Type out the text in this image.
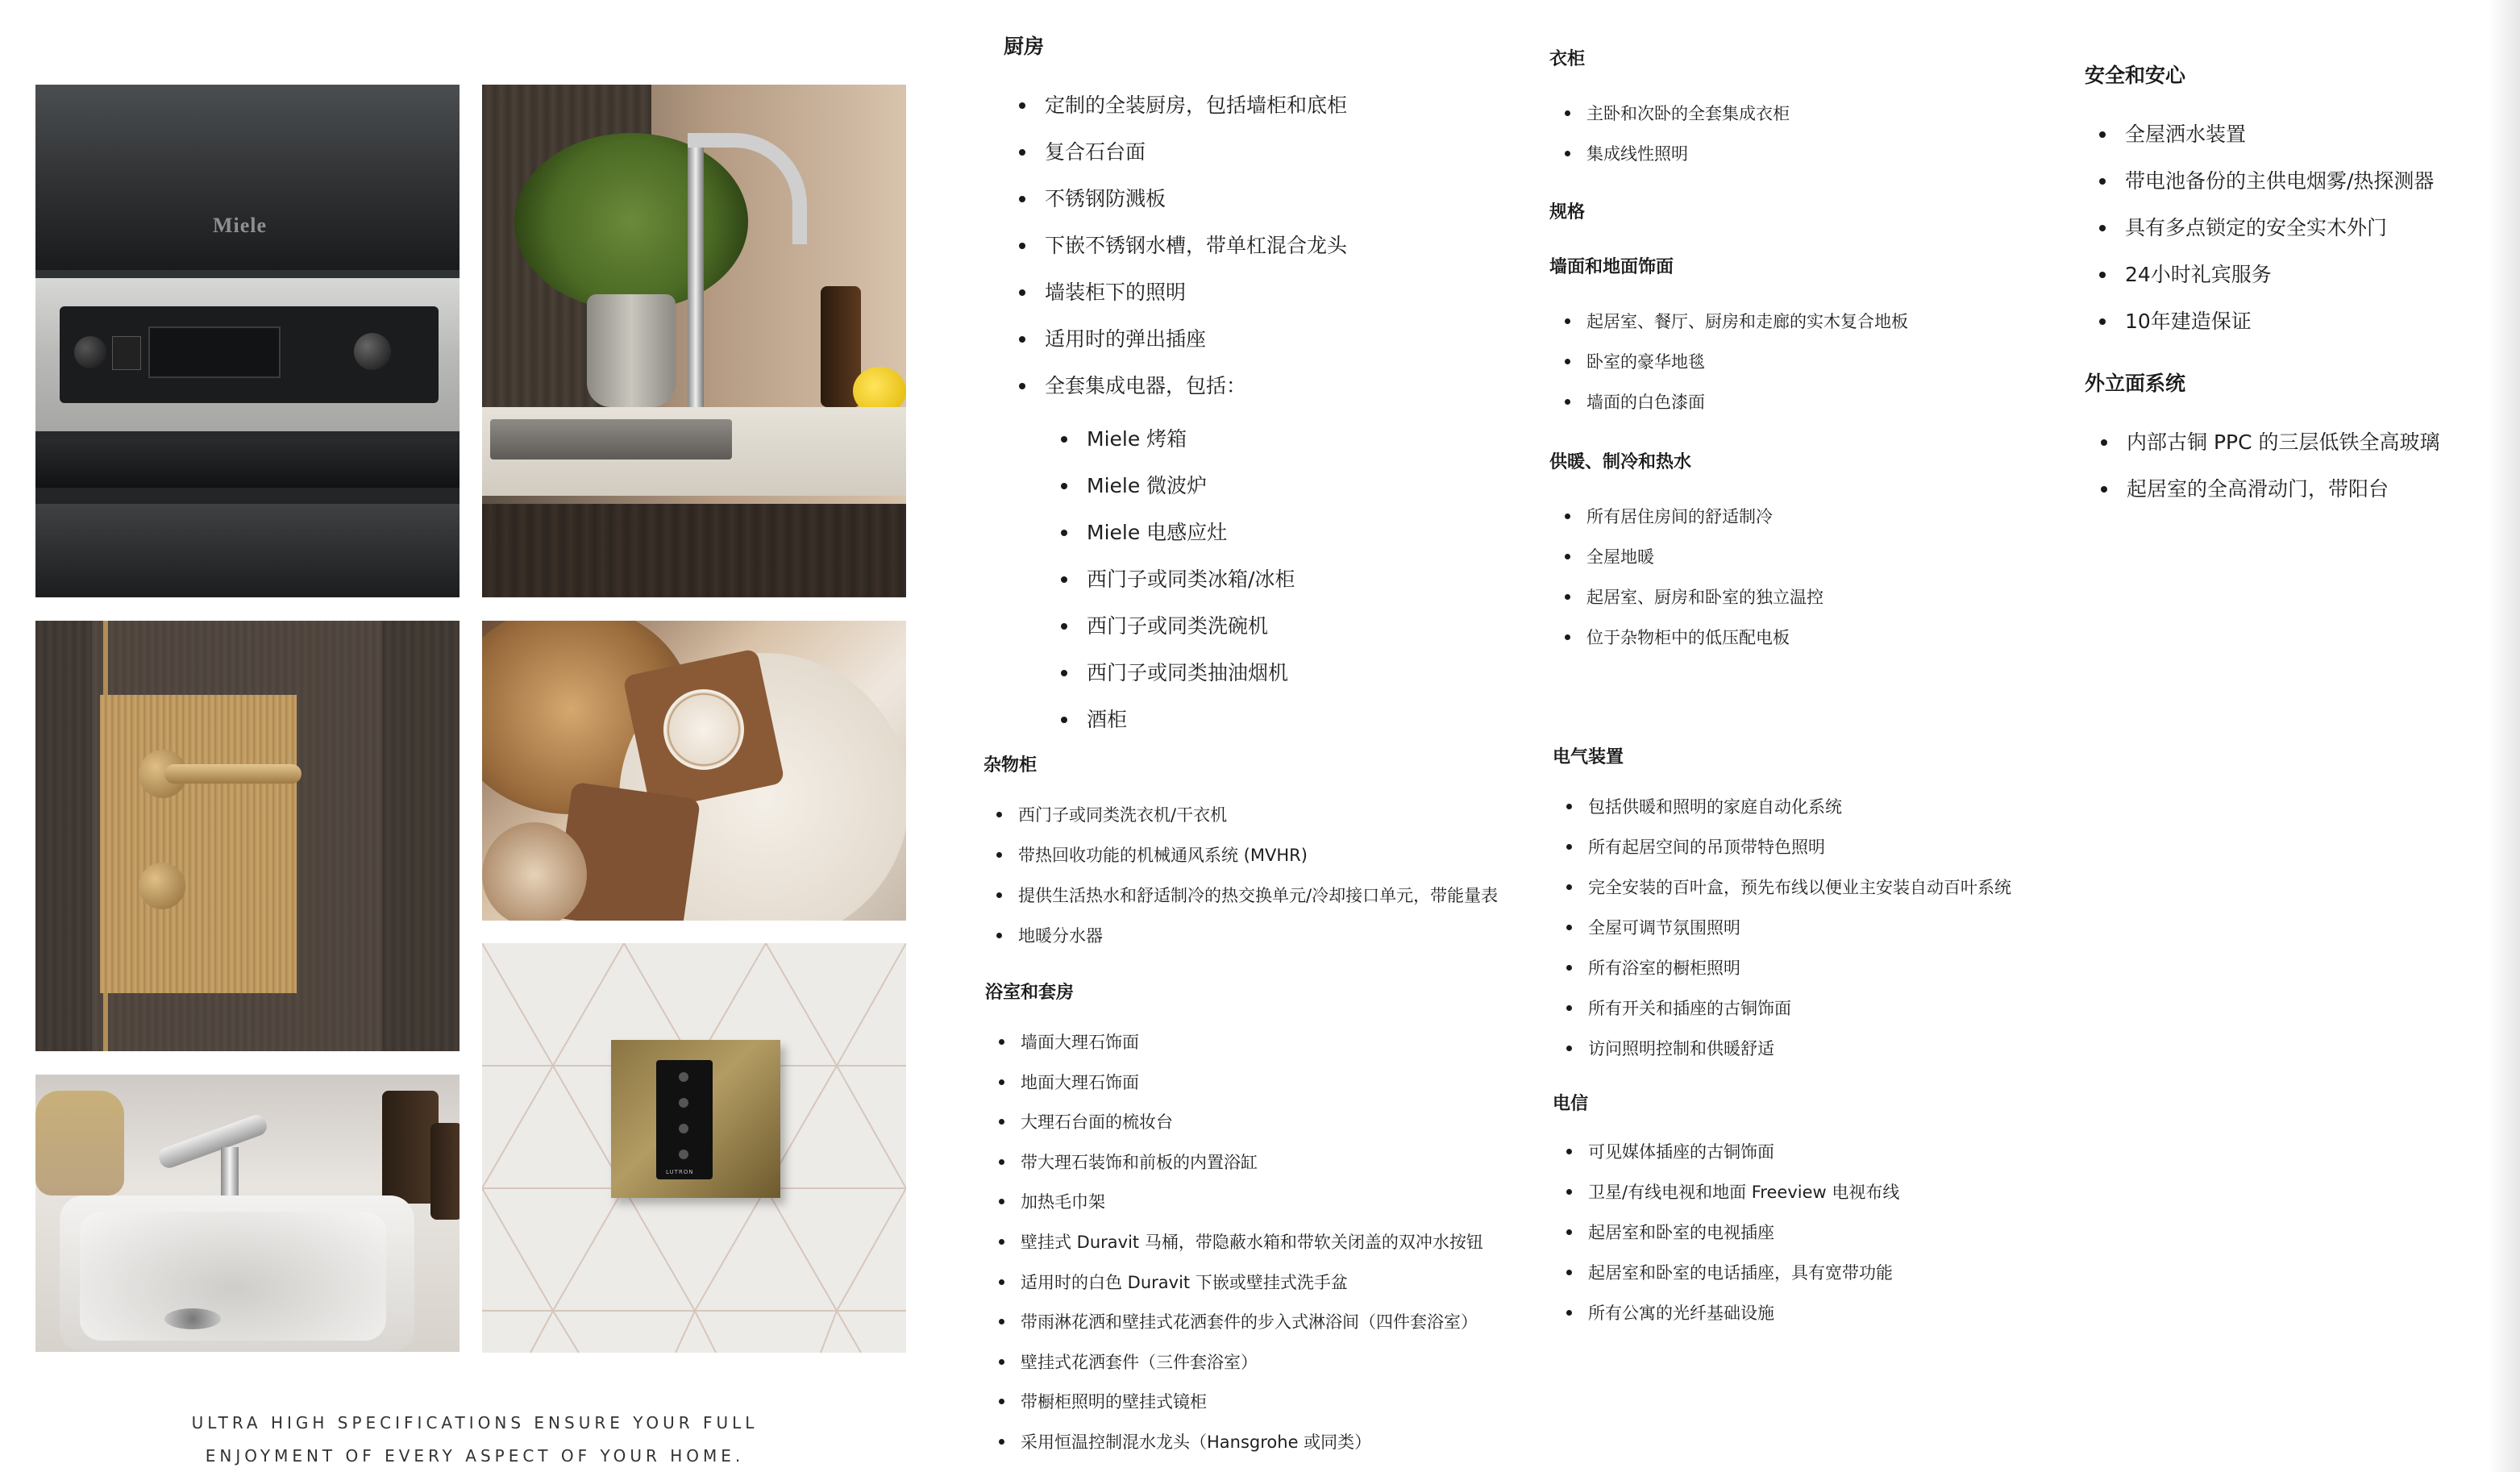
Miele
LUTRON
ULTRA HIGH SPECIFICATIONS ENSURE YOUR FULL
ENJOYMENT OF EVERY ASPECT OF YOUR HOME.
厨房
定制的全装厨房，包括墙柜和底柜
复合石台面
不锈钢防溅板
下嵌不锈钢水槽，带单杠混合龙头
墙装柜下的照明
适用时的弹出插座
全套集成电器，包括：
Miele 烤箱
Miele 微波炉
Miele 电感应灶
西门子或同类冰箱/冰柜
西门子或同类洗碗机
西门子或同类抽油烟机
酒柜
杂物柜
西门子或同类洗衣机/干衣机
带热回收功能的机械通风系统 (MVHR)
提供生活热水和舒适制冷的热交换单元/冷却接口单元，带能量表
地暖分水器
浴室和套房
墙面大理石饰面
地面大理石饰面
大理石台面的梳妆台
带大理石装饰和前板的内置浴缸
加热毛巾架
壁挂式 Duravit 马桶，带隐蔽水箱和带软关闭盖的双冲水按钮
适用时的白色 Duravit 下嵌或壁挂式洗手盆
带雨淋花洒和壁挂式花洒套件的步入式淋浴间（四件套浴室）
壁挂式花洒套件（三件套浴室）
带橱柜照明的壁挂式镜柜
采用恒温控制混水龙头（Hansgrohe 或同类）
衣柜
主卧和次卧的全套集成衣柜
集成线性照明
规格
墙面和地面饰面
起居室、餐厅、厨房和走廊的实木复合地板
卧室的豪华地毯
墙面的白色漆面
供暖、制冷和热水
所有居住房间的舒适制冷
全屋地暖
起居室、厨房和卧室的独立温控
位于杂物柜中的低压配电板
电气装置
包括供暖和照明的家庭自动化系统
所有起居空间的吊顶带特色照明
完全安装的百叶盒，预先布线以便业主安装自动百叶系统
全屋可调节氛围照明
所有浴室的橱柜照明
所有开关和插座的古铜饰面
访问照明控制和供暖舒适
电信
可见媒体插座的古铜饰面
卫星/有线电视和地面 Freeview 电视布线
起居室和卧室的电视插座
起居室和卧室的电话插座，具有宽带功能
所有公寓的光纤基础设施
安全和安心
全屋洒水装置
带电池备份的主供电烟雾/热探测器
具有多点锁定的安全实木外门
24小时礼宾服务
10年建造保证
外立面系统
内部古铜 PPC 的三层低铁全高玻璃
起居室的全高滑动门，带阳台
